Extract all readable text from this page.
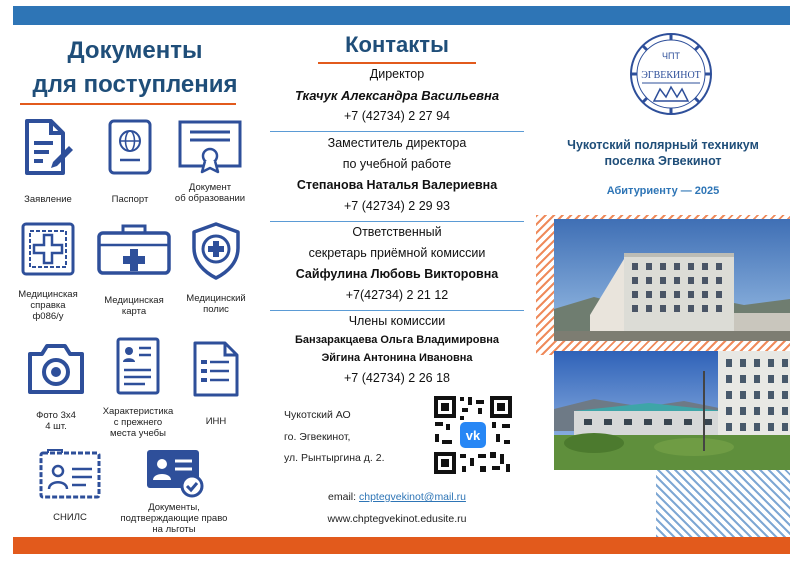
Документы
для поступления
Заявление	Паспорт
Документ
об образовании
Медицинская
справка
ф086/у
Медицинская
карта
Медицинский
полис
Фото 3х4
4 шт.
Характеристика
с прежнего
места учебы
ИНН
СНИЛС
Документы,
подтверждающие право
на льготы
Контакты
Директор
Ткачук Александра Васильевна
+7 (42734) 2 27 94
Заместитель директора
по учебной работе
Степанова Наталья Валериевна
+7 (42734) 2 29 93
Ответственный
секретарь приёмной комиссии
Сайфулина Любовь Викторовна
+7(42734) 2 21 12
Члены комиссии
Банзаракцаева Ольга Владимировна
Эйгина Антонина Ивановна
+7 (42734) 2 26 18
Чукотский АО
го. Эгвекинот,
ул. Рынтыргина д. 2.
vk
email: chptegvekinot@mail.ru
www.chptegvekinot.edusite.ru
ЧПТ
ЭГВЕКИНОТ
Чукотский полярный техникум
поселка Эгвекинот
Абитуриенту — 2025
